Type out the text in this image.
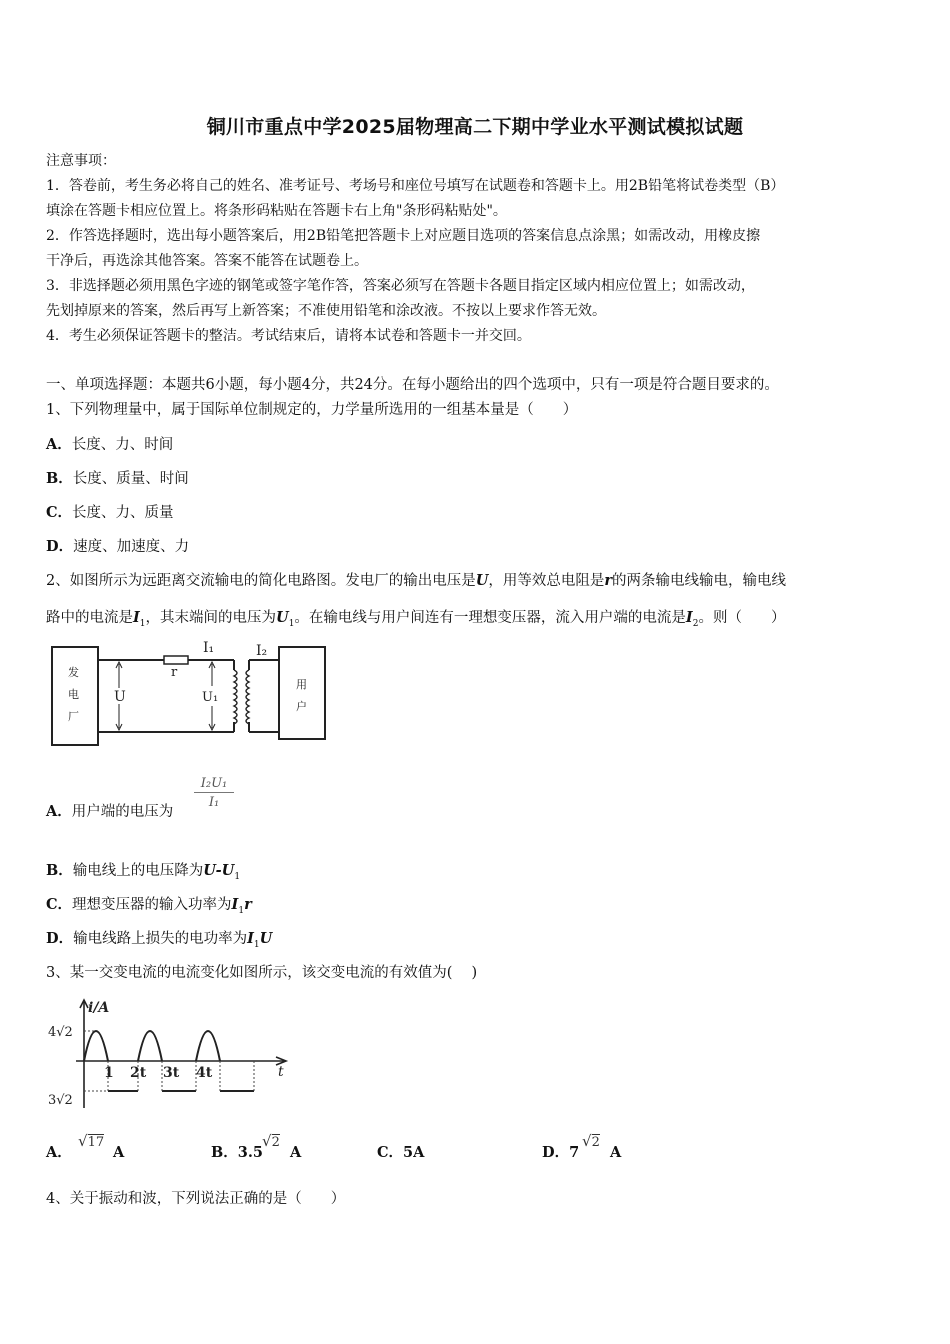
铜川市重点中学2025届物理高二下期中学业水平测试模拟试题
注意事项：
1．答卷前，考生务必将自己的姓名、准考证号、考场号和座位号填写在试题卷和答题卡上。用2B铅笔将试卷类型（B）
填涂在答题卡相应位置上。将条形码粘贴在答题卡右上角"条形码粘贴处"。
2．作答选择题时，选出每小题答案后，用2B铅笔把答题卡上对应题目选项的答案信息点涂黑；如需改动，用橡皮擦
干净后，再选涂其他答案。答案不能答在试题卷上。
3．非选择题必须用黑色字迹的钢笔或签字笔作答，答案必须写在答题卡各题目指定区域内相应位置上；如需改动，
先划掉原来的答案，然后再写上新答案；不准使用铅笔和涂改液。不按以上要求作答无效。
4．考生必须保证答题卡的整洁。考试结束后，请将本试卷和答题卡一并交回。
一、单项选择题：本题共6小题，每小题4分，共24分。在每小题给出的四个选项中，只有一项是符合题目要求的。
1、下列物理量中，属于国际单位制规定的，力学量所选用的一组基本量是（　　）
A．长度、力、时间
B．长度、质量、时间
C．长度、力、质量
D．速度、加速度、力
2、如图所示为远距离交流输电的简化电路图。发电厂的输出电压是U，用等效总电阻是r的两条输电线输电，输电线
路中的电流是$I_1$，其末端间的电压为$U_1$。在输电线与用户间连有一理想变压器，流入用户端的电流是$I_2$。则（　　）
发
电
厂
用
户
I₁	I₂
r
U	U₁
A．用户端的电压为
I₂U₁
I₁
B．输电线上的电压降为$U-U_1$
C．理想变压器的输入功率为$I_1r$
D．输电线路上损失的电功率为$I_1U$
3、某一交变电流的电流变化如图所示，该交变电流的有效值为(　 )
i/A
t
4√2
3√2
1 2t 3t 4t
A．
√17
A	B．3.5
√2
A	C．5A	D．7
√2
A
4、关于振动和波，下列说法正确的是（　　）
